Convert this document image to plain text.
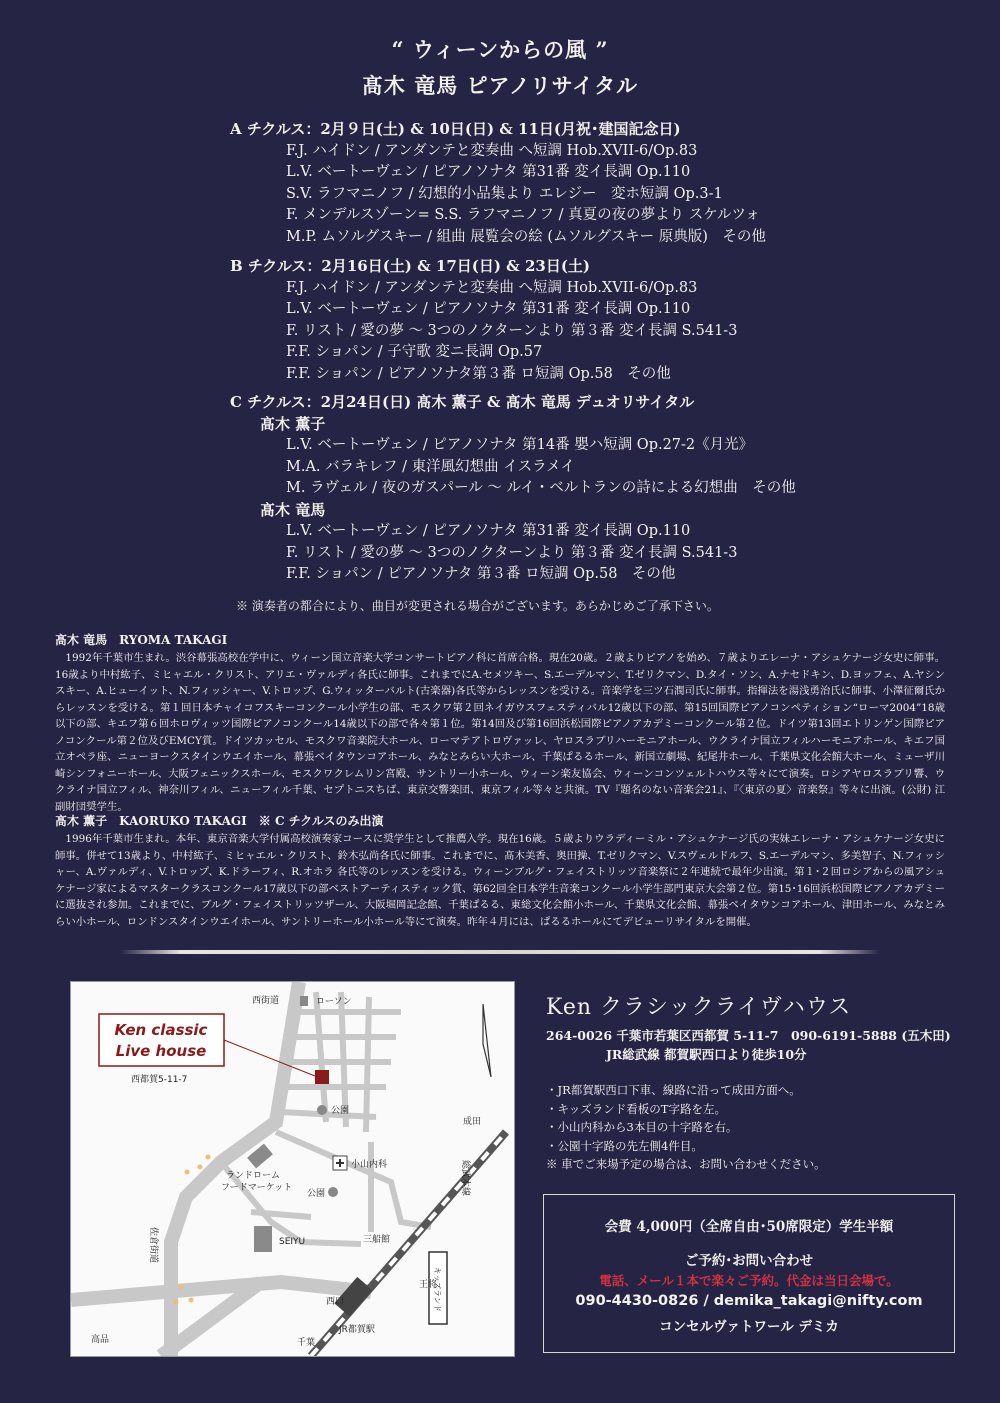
“ ウィーンからの風 ”
髙木 竜馬 ピアノリサイタル
A チクルス：2月９日(土) & 10日(日) & 11日(月祝･建国記念日)
F.J. ハイドン / アンダンテと変奏曲 へ短調 Hob.XVII-6/Op.83
L.V. ベートーヴェン / ピアノソナタ 第31番 変イ長調 Op.110
S.V. ラフマニノフ / 幻想的小品集より エレジー　変ホ短調 Op.3-1
F. メンデルスゾーン= S.S. ラフマニノフ / 真夏の夜の夢より スケルツォ
M.P. ムソルグスキー / 組曲 展覧会の絵 (ムソルグスキー 原典版)　その他
B チクルス：2月16日(土) & 17日(日) & 23日(土)
F.J. ハイドン / アンダンテと変奏曲 へ短調 Hob.XVII-6/Op.83
L.V. ベートーヴェン / ピアノソナタ 第31番 変イ長調 Op.110
F. リスト / 愛の夢 〜 3つのノクターンより 第３番 変イ長調 S.541-3
F.F. ショパン / 子守歌 変ニ長調 Op.57
F.F. ショパン / ピアノソナタ第３番 ロ短調 Op.58　その他
C チクルス：2月24日(日) 髙木 薫子 & 髙木 竜馬 デュオリサイタル
髙木 薫子
L.V. ベートーヴェン / ピアノソナタ 第14番 嬰ハ短調 Op.27-2《月光》
M.A. バラキレフ / 東洋風幻想曲 イスラメイ
M. ラヴェル / 夜のガスパール 〜 ルイ・ベルトランの詩による幻想曲　その他
髙木 竜馬
L.V. ベートーヴェン / ピアノソナタ 第31番 変イ長調 Op.110
F. リスト / 愛の夢 〜 3つのノクターンより 第３番 変イ長調 S.541-3
F.F. ショパン / ピアノソナタ 第３番 ロ短調 Op.58　その他
※ 演奏者の都合により、曲目が変更される場合がございます。あらかじめご了承下さい。
髙木 竜馬　RYOMA TAKAGI
1992年千葉市生まれ。渋谷幕張高校在学中に、ウィーン国立音楽大学コンサートピアノ科に首席合格。現在20歳。２歳よりピアノを始め、７歳よりエレーナ・アシュケナージ女史に師事。16歳より中村紘子、ミヒャエル・クリスト、アリエ・ヴァルディ各氏に師事。これまでにA.セメツキー、S.エーデルマン、T.ゼリクマン、D.タイ・ソン、A.ナセドキン、D.ヨッフェ、A.ヤシンスキー、A.ヒューイット、N.フィッシャー、V.トロップ、G.ウィッターバルト(古楽器)各氏等からレッスンを受ける。音楽学を三ツ石潤司氏に師事。指揮法を湯浅勇治氏に師事、小澤征爾氏からレッスンを受ける。第１回日本チャイコフスキーコンクール小学生の部、モスクワ第２回ネイガウスフェスティバル12歳以下の部、第15回国際ピアノコンペティション“ローマ2004”18歳以下の部、キエフ第６回ホロヴィッツ国際ピアノコンクール14歳以下の部で各々第１位。第14回及び第16回浜松国際ピアノアカデミーコンクール第２位。ドイツ第13回エトリンゲン国際ピアノコンクール第２位及びEMCY賞。ドイツカッセル、モスクワ音楽院大ホール、ローマテアトロヴァッレ、ヤロスラブリハーモニアホール、ウクライナ国立フィルハーモニアホール、キエフ国立オペラ座、ニューヨークスタインウエイホール、幕張ベイタウンコアホール、みなとみらい大ホール、千葉ぱるるホール、新国立劇場、紀尾井ホール、千葉県文化会館大ホール、ミューザ川崎シンフォニーホール、大阪フェニックスホール、モスクワクレムリン宮殿、サントリー小ホール、ウィーン楽友協会、ウィーンコンツェルトハウス等々にて演奏。ロシアヤロスラブリ響、ウクライナ国立フィル、神奈川フィル、ニューフィル千葉、セプトニスちば、東京交響楽団、東京フィル等々と共演。TV『題名のない音楽会21』、『〈東京の夏〉音楽祭』等々に出演。(公財) 江副財団奨学生。
髙木 薫子　KAORUKO TAKAGI　※ C チクルスのみ出演
1996年千葉市生まれ。本年、東京音楽大学付属高校演奏家コースに奨学生として推薦入学。現在16歳。５歳よりウラディーミル・アシュケナージ氏の実妹エレーナ・アシュケナージ女史に師事。併せて13歳より、中村紘子、ミヒャエル・クリスト、鈴木弘尚各氏に師事。これまでに、髙木美香、奥田操、T.ゼリクマン、V.スヴェルドルフ、S.エーデルマン、多美智子、N.フィッシャー、A.ヴァルディ、V.トロップ、K.ドラーフィ、R.オホラ 各氏等のレッスンを受ける。ウィーンブルグ・フェイストリッツ音楽祭に２年連続で最年少出演。第１･２回ロシアからの風アシュケナージ家によるマスタークラスコンクール17歳以下の部ベストアーティスティック賞、第62回全日本学生音楽コンクール小学生部門東京大会第２位。第15･16回浜松国際ピアノアカデミーに選抜され参加。これまでに、ブルグ・フェイストリッツザール、大阪堀岡記念館、千葉ぱるる、東総文化会館小ホール、千葉県文化会館、幕張ベイタウンコアホール、津田ホール、みなとみらい小ホール、ロンドンスタインウエイホール、サントリーホール小ホール等にて演奏。昨年４月には、ぱるるホールにてデビューリサイタルを開催。
Ken classic
Live house
西都賀5-11-7
西街道	ローソン
公園
小山内科
公園
ランドローム
フードマーケット
SEIYU	三船館
王将
西口
JR都賀駅
千葉
高品
成田
佐倉街道
総武本線
キッズランド
Ken クラシックライヴハウス
264-0026 千葉市若葉区西都賀 5-11-7　090-6191-5888 (五木田)
JR総武線 都賀駅西口より徒歩10分
・JR都賀駅西口下車、線路に沿って成田方面へ。
・キッズランド看板のT字路を左。
・小山内科から3本目の十字路を右。
・公園十字路の先左側4件目。
※ 車でご来場予定の場合は、お問い合わせください。
会費 4,000円（全席自由･50席限定）学生半額
ご予約･お問い合わせ
電話、メール１本で楽々ご予約。代金は当日会場で。
090-4430-0826 / demika_takagi@nifty.com
コンセルヴァトワール デミカ
